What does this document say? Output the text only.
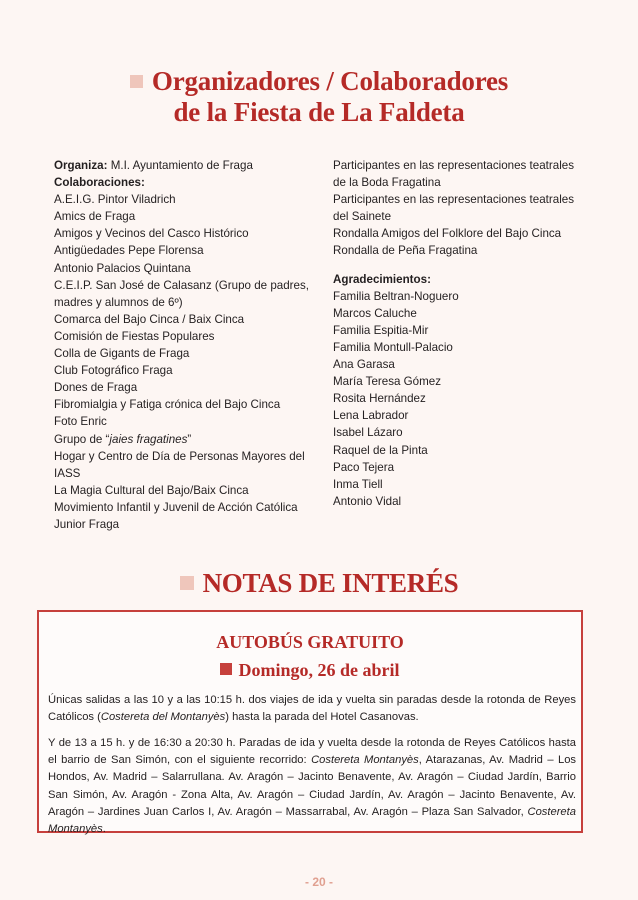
Organizadores / Colaboradores
de la Fiesta de La Faldeta
Organiza: M.I. Ayuntamiento de Fraga
Colaboraciones:
A.E.I.G. Pintor Viladrich
Amics de Fraga
Amigos y Vecinos del Casco Histórico
Antigüedades Pepe Florensa
Antonio Palacios Quintana
C.E.I.P. San José de Calasanz (Grupo de padres, madres y alumnos de 6º)
Comarca del Bajo Cinca / Baix Cinca
Comisión de Fiestas Populares
Colla de Gigants de Fraga
Club Fotográfico Fraga
Dones de Fraga
Fibromialgia y Fatiga crónica del Bajo Cinca
Foto Enric
Grupo de “jaies fragatines”
Hogar y Centro de Día de Personas Mayores del IASS
La Magia Cultural del Bajo/Baix Cinca
Movimiento Infantil y Juvenil de Acción Católica Junior Fraga
Participantes en las representaciones teatrales de la Boda Fragatina
Participantes en las representaciones teatrales del Sainete
Rondalla Amigos del Folklore del Bajo Cinca
Rondalla de Peña Fragatina
Agradecimientos:
Familia Beltran-Noguero
Marcos Caluche
Familia Espitia-Mir
Familia Montull-Palacio
Ana Garasa
María Teresa Gómez
Rosita Hernández
Lena Labrador
Isabel Lázaro
Raquel de la Pinta
Paco Tejera
Inma Tiell
Antonio Vidal
NOTAS DE INTERÉS
AUTOBÚS GRATUITO
Domingo, 26 de abril
Únicas salidas a las 10 y a las 10:15 h. dos viajes de ida y vuelta sin paradas desde la rotonda de Reyes Católicos (Costereta del Montanyès) hasta la parada del Hotel Casanovas.
Y de 13 a 15 h. y de 16:30 a 20:30 h. Paradas de ida y vuelta desde la rotonda de Reyes Católicos hasta el barrio de San Simón, con el siguiente recorrido: Costereta Montanyès, Atarazanas, Av. Madrid – Los Hondos, Av. Madrid – Salarrullana. Av. Aragón – Jacinto Benavente, Av. Aragón – Ciudad Jardín, Barrio San Simón, Av. Aragón - Zona Alta, Av. Aragón – Ciudad Jardín, Av. Aragón – Jacinto Benavente, Av. Aragón – Jardines Juan Carlos I, Av. Aragón – Massarrabal, Av. Aragón – Plaza San Salvador, Costereta Montanyès.
- 20 -
